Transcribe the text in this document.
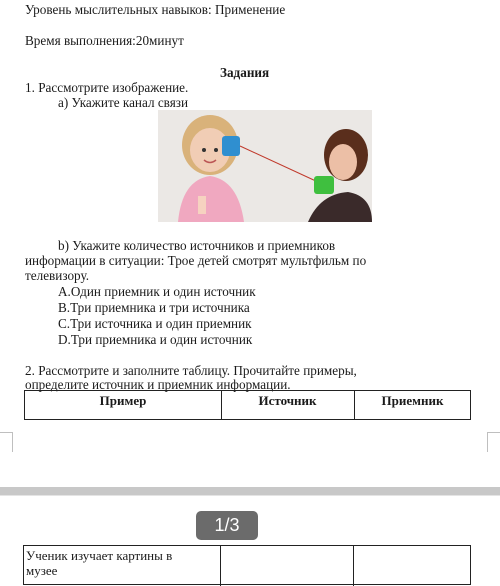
Уровень мыслительных навыков: Применение
Время выполнения:20минут
Задания
1. Рассмотрите изображение.
а) Укажите канал связи
b) Укажите количество источников и приемников
информации в ситуации: Трое детей смотрят мультфильм по
телевизору.
A.Один приемник и один источник
B.Три приемника и три источника
C.Три источника и один приемник
D.Три приемника и один источник
2. Рассмотрите и заполните таблицу. Прочитайте примеры,
определите источник и приемник информации.
Пример	Источник	Приемник
1/3
Ученик изучает картины в
музее
